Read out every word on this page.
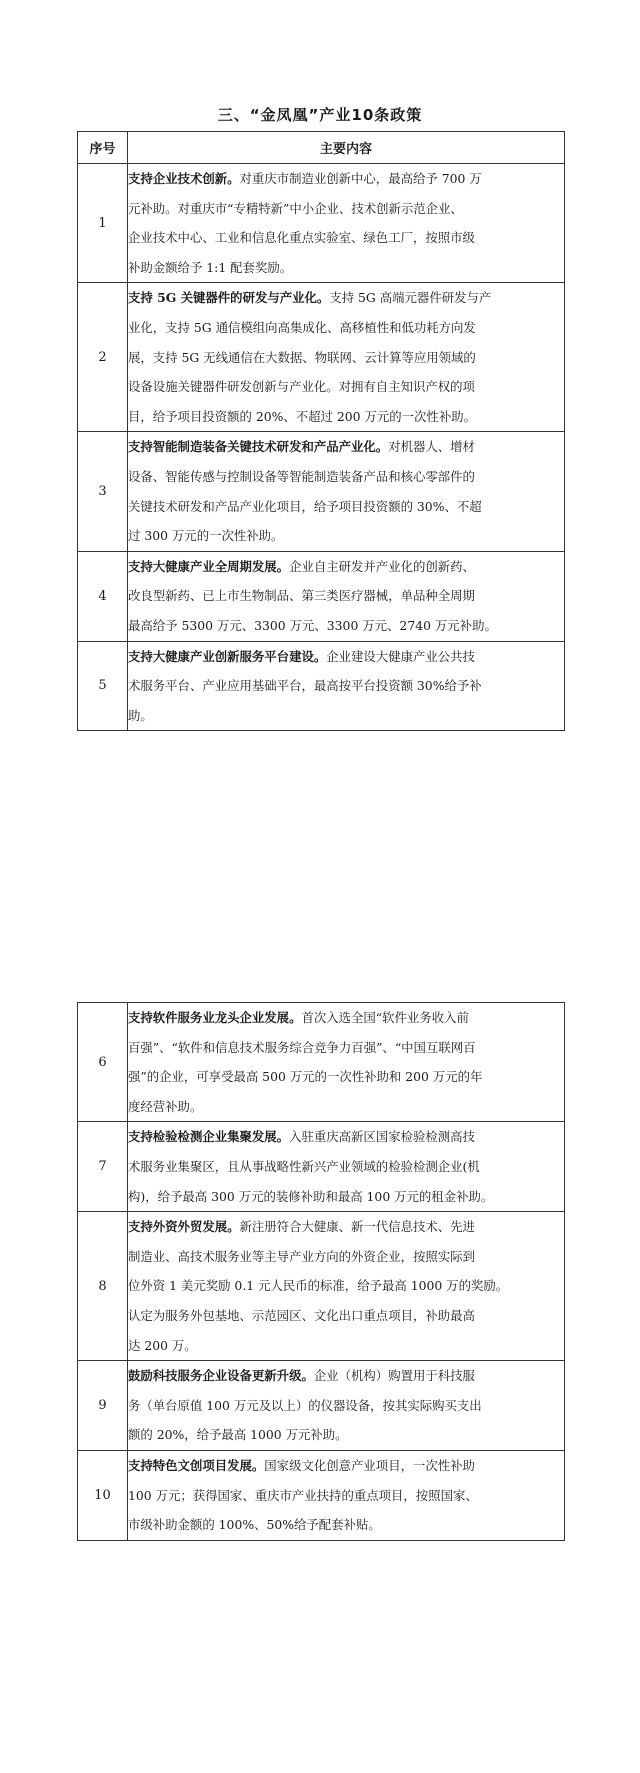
三、“金凤凰”产业10条政策
序号	主要内容
1	支持企业技术创新。对重庆市制造业创新中心，最高给予 700 万
元补助。对重庆市“专精特新”中小企业、技术创新示范企业、
企业技术中心、工业和信息化重点实验室、绿色工厂，按照市级
补助金额给予 1:1 配套奖励。

2	支持 5G 关键器件的研发与产业化。支持 5G 高端元器件研发与产
业化，支持 5G 通信模组向高集成化、高移植性和低功耗方向发
展，支持 5G 无线通信在大数据、物联网、云计算等应用领域的
设备设施关键器件研发创新与产业化。对拥有自主知识产权的项
目，给予项目投资额的 20%、不超过 200 万元的一次性补助。

3	支持智能制造装备关键技术研发和产品产业化。对机器人、增材
设备、智能传感与控制设备等智能制造装备产品和核心零部件的
关键技术研发和产品产业化项目，给予项目投资额的 30%、不超
过 300 万元的一次性补助。

4	支持大健康产业全周期发展。企业自主研发并产业化的创新药、
改良型新药、已上市生物制品、第三类医疗器械，单品种全周期
最高给予 5300 万元、3300 万元、3300 万元、2740 万元补助。

5	支持大健康产业创新服务平台建设。企业建设大健康产业公共技
术服务平台、产业应用基础平台，最高按平台投资额 30%给予补
助。
6	支持软件服务业龙头企业发展。首次入选全国“软件业务收入前
百强”、“软件和信息技术服务综合竞争力百强”、“中国互联网百
强”的企业，可享受最高 500 万元的一次性补助和 200 万元的年
度经营补助。

7	支持检验检测企业集聚发展。入驻重庆高新区国家检验检测高技
术服务业集聚区，且从事战略性新兴产业领域的检验检测企业(机
构)，给予最高 300 万元的装修补助和最高 100 万元的租金补助。

8	支持外资外贸发展。新注册符合大健康、新一代信息技术、先进
制造业、高技术服务业等主导产业方向的外资企业，按照实际到
位外资 1 美元奖励 0.1 元人民币的标准，给予最高 1000 万的奖励。
认定为服务外包基地、示范园区、文化出口重点项目，补助最高
达 200 万。

9	鼓励科技服务企业设备更新升级。企业（机构）购置用于科技服
务（单台原值 100 万元及以上）的仪器设备，按其实际购买支出
额的 20%，给予最高 1000 万元补助。

10	支持特色文创项目发展。国家级文化创意产业项目，一次性补助
100 万元；获得国家、重庆市产业扶持的重点项目，按照国家、
市级补助金额的 100%、50%给予配套补贴。
